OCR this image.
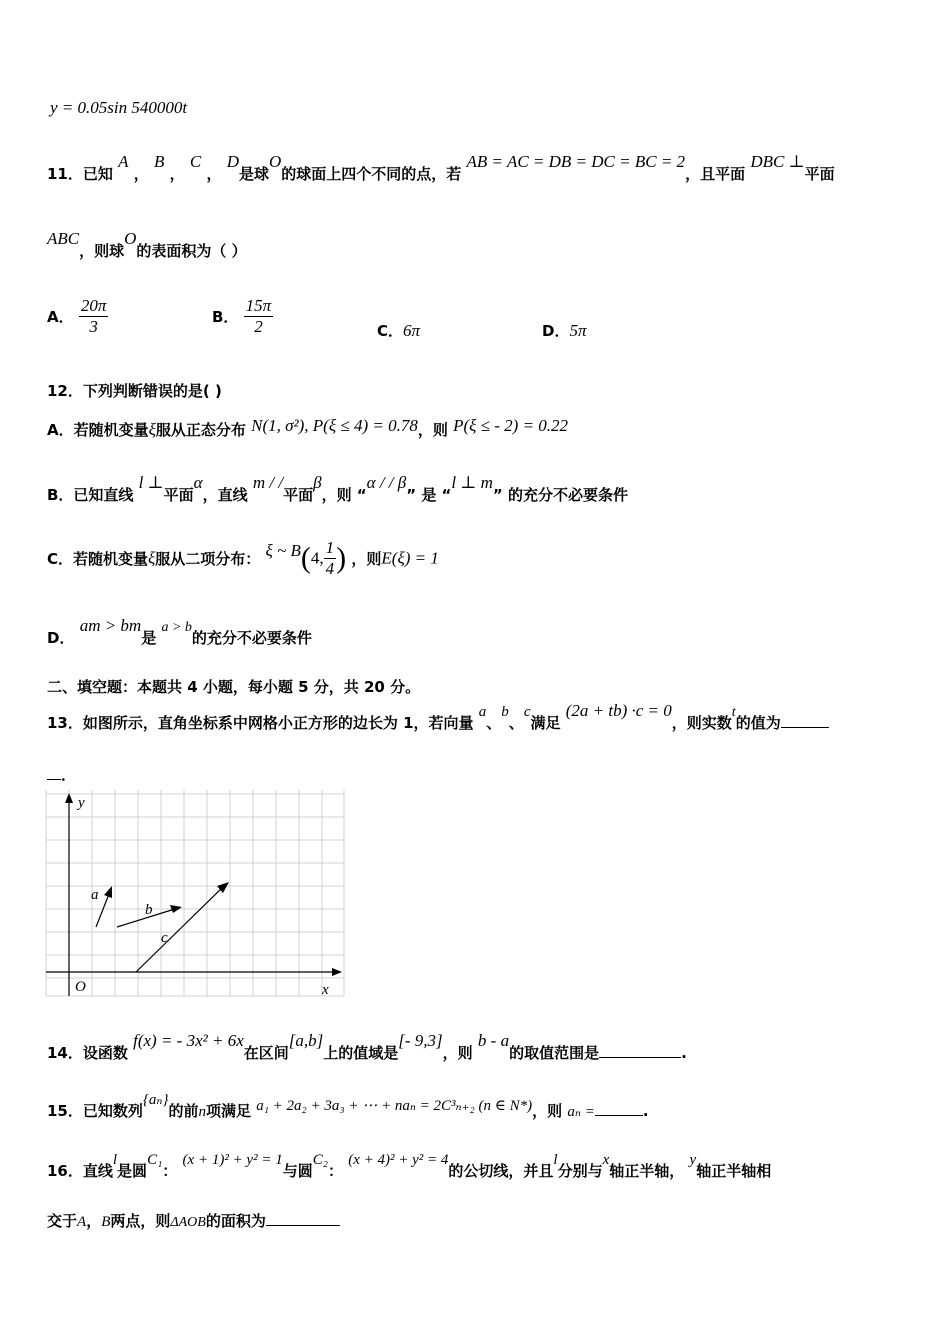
y = 0.05sin 540000t
11．已知 A ， B ， C ， D是球O的球面上四个不同的点，若 AB = AC = DB = DC = BC = 2，且平面 DBC ⊥平面
ABC，则球O的表面积为（ ）
A． $\frac{20\pi}{3}$	B． $\frac{15\pi}{2}$	C．6π	D．5π
12．下列判断错误的是( )
A．若随机变量ξ服从正态分布 N(1, σ²), P(ξ ≤ 4) = 0.78，则 P(ξ ≤ - 2) = 0.22
B．已知直线 l ⊥平面α，直线 m / /平面β，则 “α / / β” 是 “l ⊥ m” 的充分不必要条件
C．若随机变量ξ服从二项分布： ξ ~ B(4, $\frac{1}{4}$ ) ，则E(ξ) = 1
D． am > bm是 a > b的充分不必要条件
二、填空题：本题共 4 小题，每小题 5 分，共 20 分。
13．如图所示，直角坐标系中网格小正方形的边长为 1，若向量 a、b、c满足 (2a + tb) ·c = 0，则实数t的值为
．
y
x
O
a
b
c
14．设函数 f(x) = - 3x² + 6x在区间[a,b]上的值域是[- 9,3]，则 b - a的取值范围是	.
15．已知数列{aₙ}的前n项满足 a₁ + 2a₂ + 3a₃ + ⋯ + naₙ = 2C³ₙ₊₂ (n ∈ N*)，则 aₙ =	.
16．直线l是圆C₁： (x + 1)² + y² = 1与圆C₂： (x + 4)² + y² = 4的公切线，并且l分别与x轴正半轴， y轴正半轴相
交于A，B两点，则ΔAOB的面积为
